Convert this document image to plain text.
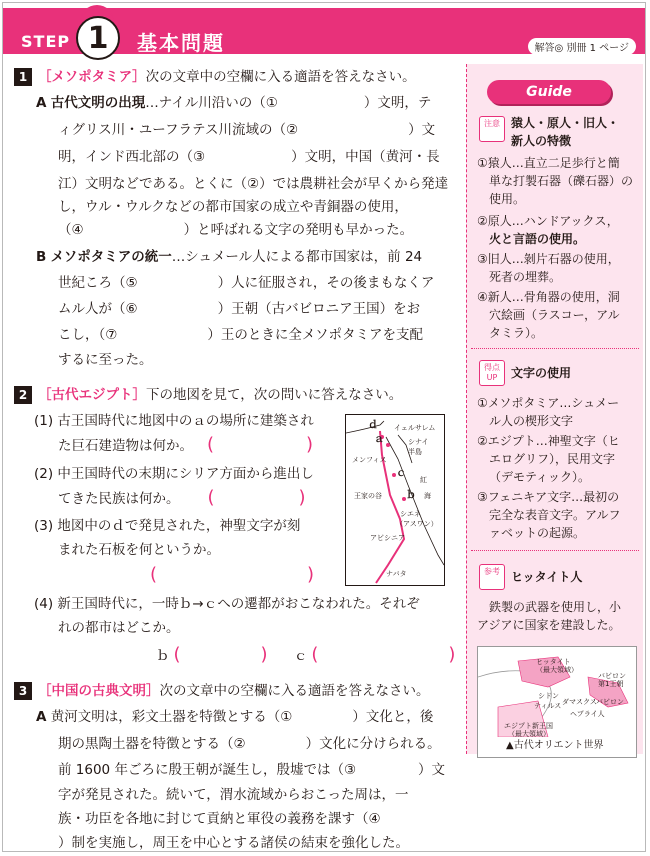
STEP 1	基本問題	解答◎ 別冊 1 ページ
1 ［メソポタミア］次の文章中の空欄に入る適語を答えなさい。
A 古代文明の出現…ナイル川沿いの（①	）文明，テ
ィグリス川・ユーフラテス川流域の（②	）文
明，インド西北部の（③	）文明，中国（黄河・長
江）文明などである。とくに（②）では農耕社会が早くから発達
し，ウル・ウルクなどの都市国家の成立や青銅器の使用，
（④	）と呼ばれる文字の発明も早かった。
B メソポタミアの統一…シュメール人による都市国家は，前 24
世紀ころ（⑤	）人に征服され，その後まもなくア
ムル人が（⑥	）王朝（古バビロニア王国）をお
こし，（⑦	）王のときに全メソポタミアを支配
するに至った。
2 ［古代エジプト］下の地図を見て，次の問いに答えなさい。
(1) 古王国時代に地図中のａの場所に建築され
た巨石建造物は何か。 (	)
(2) 中王国時代の末期にシリア方面から進出し
てきた民族は何か。 (	)
(3) 地図中のｄで発見された，神聖文字が刻
まれた石板を何というか。
(	)
(4) 新王国時代に，一時ｂ→ｃへの遷都がおこなわれた。それぞ
れの都市はどこか。
ｂ (	) ｃ (	)
ｄ イェルサレム
ａ	シナイ
半島
メンフィス
ｃ
紅
王家の谷 ｂ 海
シエネ
（アスワン）
アビシニア
ナバタ
3 ［中国の古典文明］次の文章中の空欄に入る適語を答えなさい。
A 黄河文明は，彩文土器を特徴とする（①	）文化と，後
期の黒陶土器を特徴とする（②	）文化に分けられる。
前 1600 年ごろに殷王朝が誕生し，殷墟では（③	）文
字が発見された。続いて，渭水流域からおこった周は，一
族・功臣を各地に封じて貢納と軍役の義務を課す（④
）制を実施し，周王を中心とする諸侯の結束を強化した。
Guide
注意 猿人・原人・旧人・
新人の特徴
①猿人…直立二足歩行と簡
単な打製石器（礫石器）の
使用。
②原人…ハンドアックス，
火と言語の使用。
③旧人…剝片石器の使用，
死者の埋葬。
④新人…骨角器の使用，洞
穴絵画（ラスコー，アル
タミラ）。
得点UP	文字の使用
①メソポタミア…シュメー
ル人の楔形文字
②エジプト…神聖文字（ヒ
エログリフ），民用文字
（デモティック）。
③フェニキア文字…最初の
完全な表音文字。アルフ
ァベットの起源。
参考 ヒッタイト人
鉄製の武器を使用し，小
アジアに国家を建設した。
ヒッタイト
（最大領域）
バビロン
第1王朝
シドン
ダマスクス バビロン
ティルス
ヘブライ人
エジプト新王国
（最大領域）
▲古代オリエント世界
